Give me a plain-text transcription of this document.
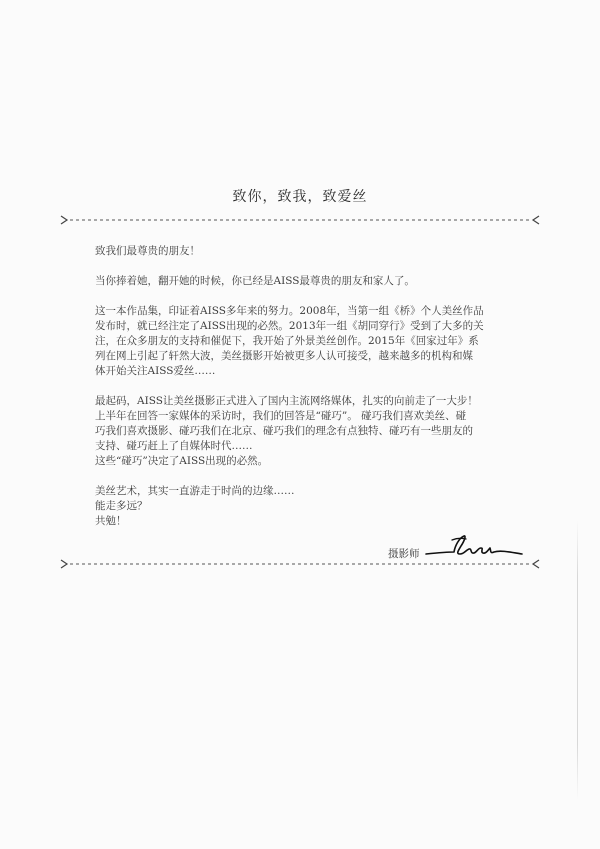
致你，致我，致爱丝

致我们最尊贵的朋友！

当你捧着她，翻开她的时候，你已经是AISS最尊贵的朋友和家人了。

这一本作品集，印证着AISS多年来的努力。2008年，当第一组《桥》个人美丝作品
发布时，就已经注定了AISS出现的必然。2013年一组《胡同穿行》受到了大多的关
注，在众多朋友的支持和催促下，我开始了外景美丝创作。2015年《回家过年》系
列在网上引起了轩然大波，美丝摄影开始被更多人认可接受，越来越多的机构和媒
体开始关注AISS爱丝……

最起码，AISS让美丝摄影正式进入了国内主流网络媒体，扎实的向前走了一大步！
上半年在回答一家媒体的采访时，我们的回答是“碰巧”。 碰巧我们喜欢美丝、碰
巧我们喜欢摄影、碰巧我们在北京、碰巧我们的理念有点独特、碰巧有一些朋友的
支持、碰巧赶上了自媒体时代……
这些“碰巧”决定了AISS出现的必然。

美丝艺术，其实一直游走于时尚的边缘……
能走多远？
共勉！

摄影师
